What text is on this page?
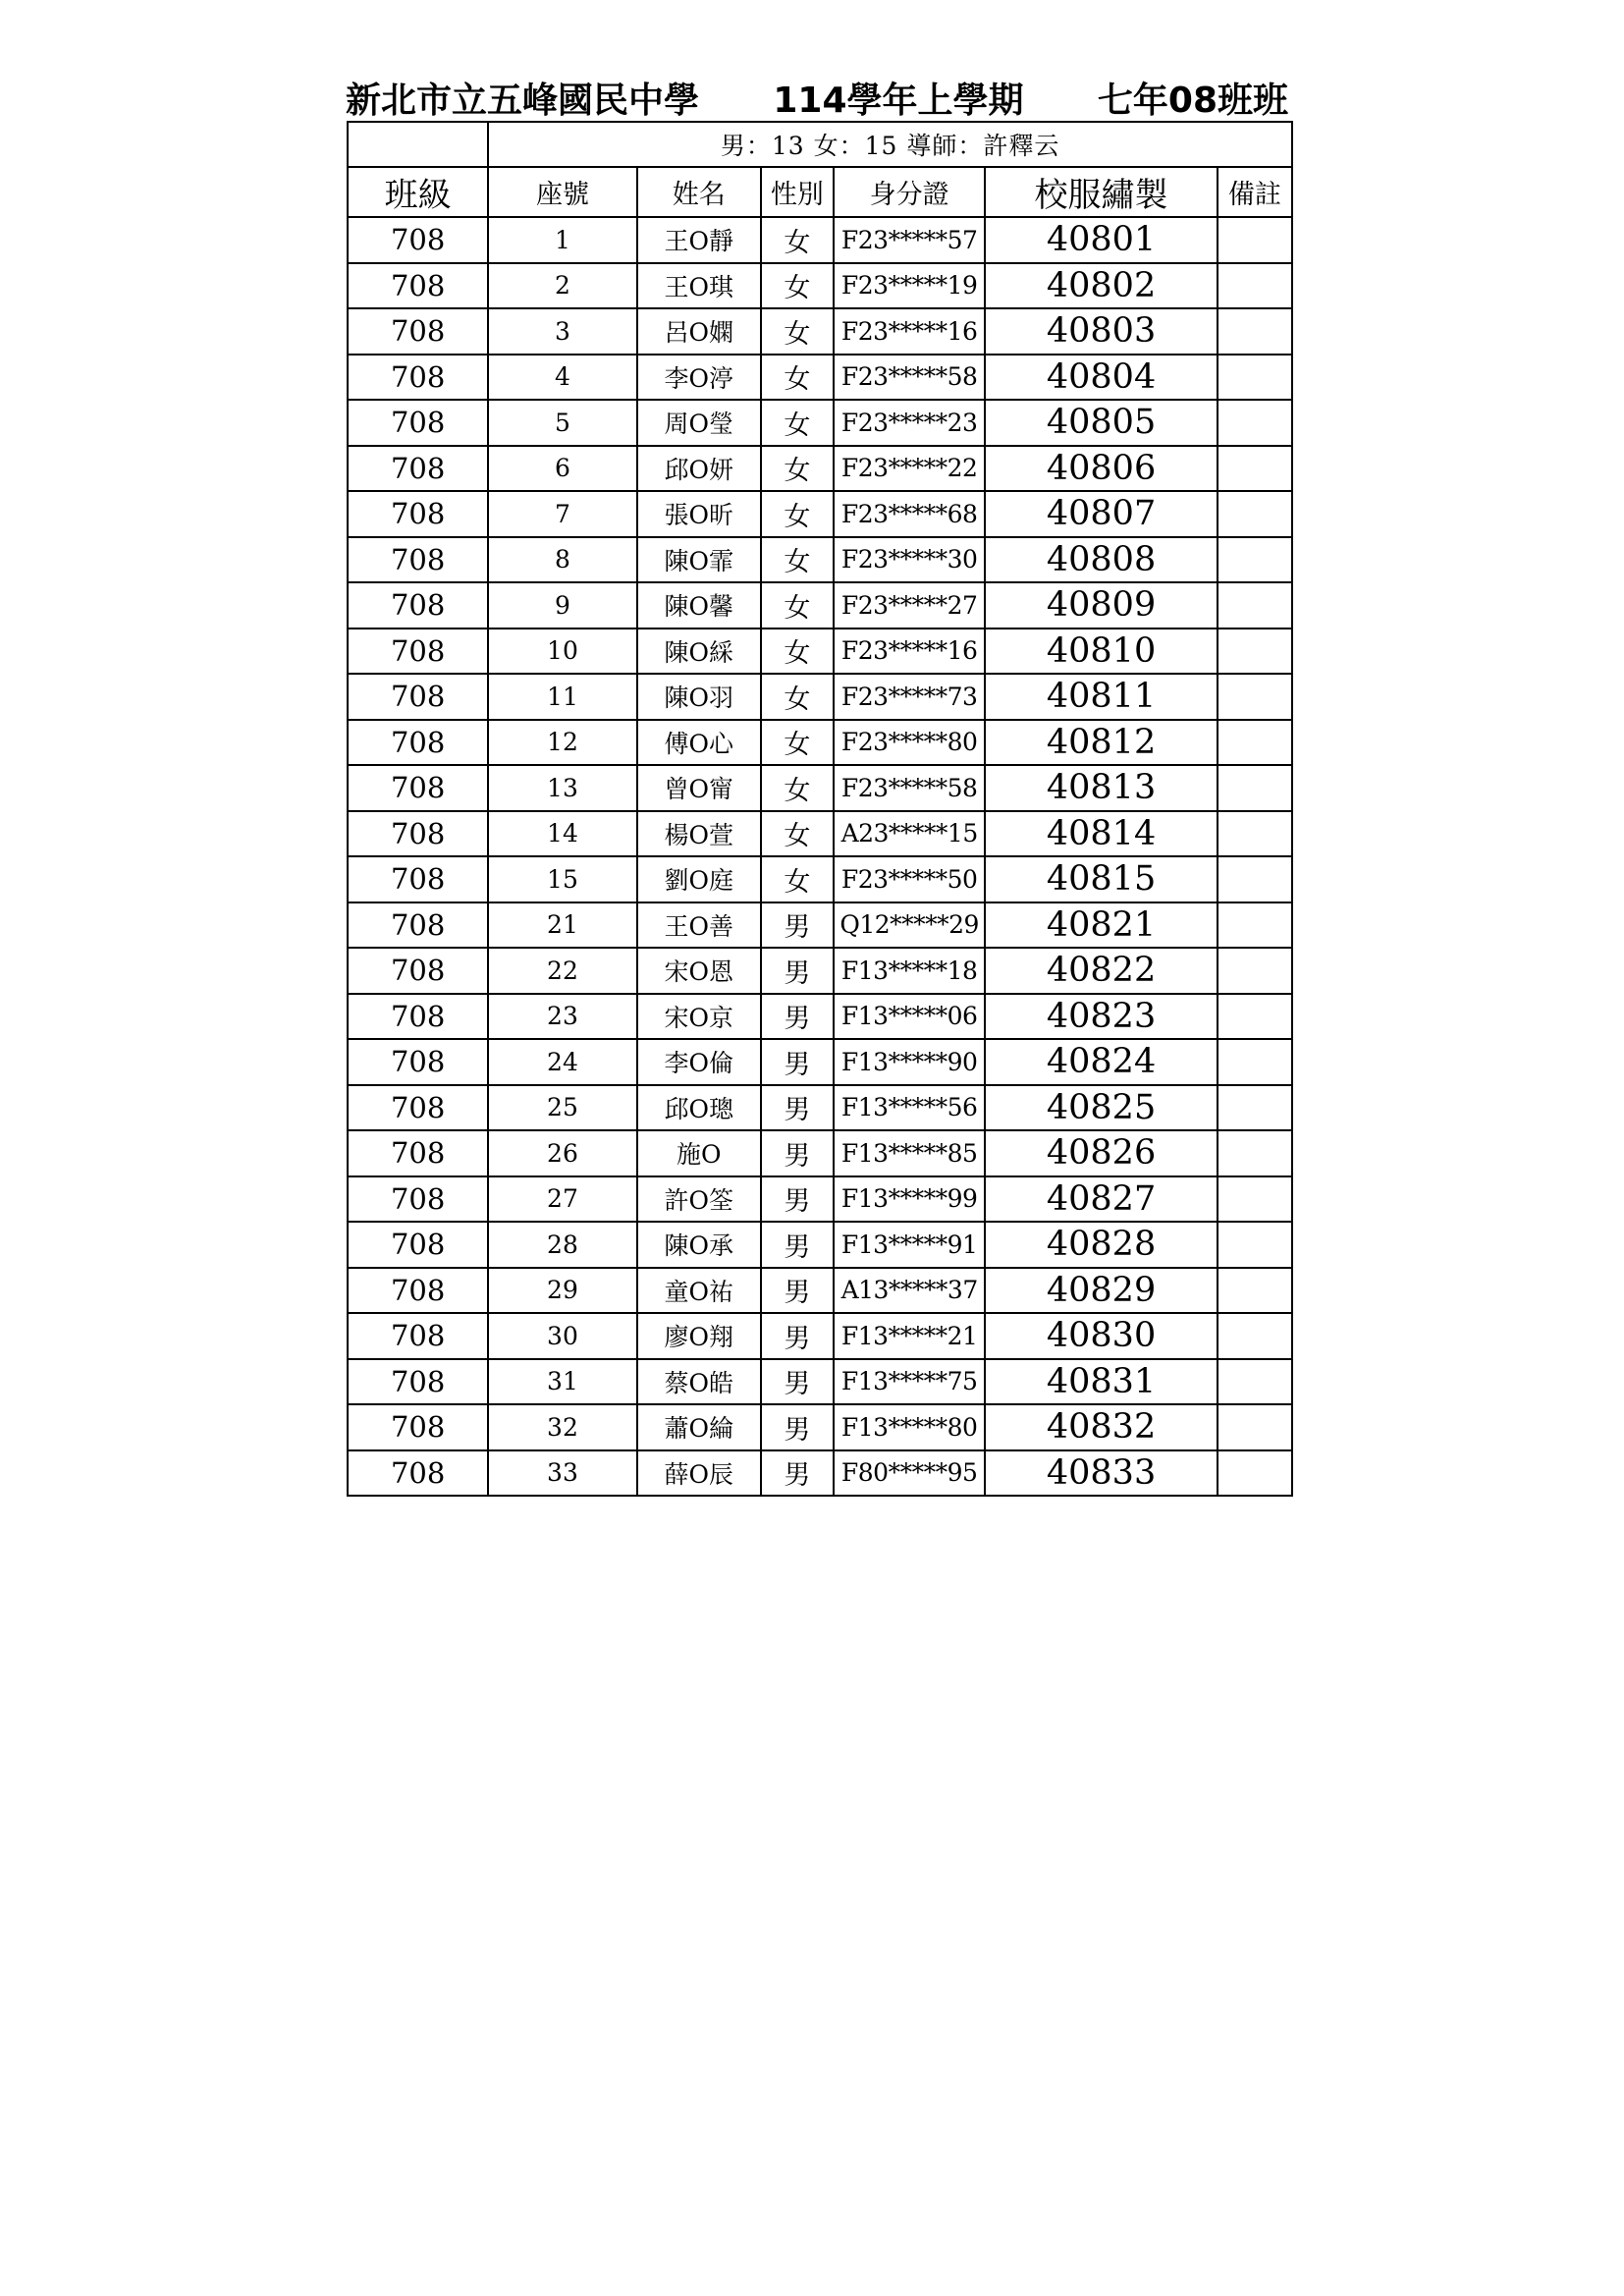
新北市立五峰國民中學 114學年上學期 七年08班班
	男：13 女：15 導師：許釋云					
班級	座號	姓名	性別	身分證	校服繡製	備註
708	1	王O靜	女	F23*****57	40801	
708	2	王O琪	女	F23*****19	40802	
708	3	呂O嫻	女	F23*****16	40803	
708	4	李O渟	女	F23*****58	40804	
708	5	周O瑩	女	F23*****23	40805	
708	6	邱O妍	女	F23*****22	40806	
708	7	張O昕	女	F23*****68	40807	
708	8	陳O霏	女	F23*****30	40808	
708	9	陳O馨	女	F23*****27	40809	
708	10	陳O綵	女	F23*****16	40810	
708	11	陳O羽	女	F23*****73	40811	
708	12	傅O心	女	F23*****80	40812	
708	13	曾O甯	女	F23*****58	40813	
708	14	楊O萱	女	A23*****15	40814	
708	15	劉O庭	女	F23*****50	40815	
708	21	王O善	男	Q12*****29	40821	
708	22	宋O恩	男	F13*****18	40822	
708	23	宋O京	男	F13*****06	40823	
708	24	李O倫	男	F13*****90	40824	
708	25	邱O璁	男	F13*****56	40825	
708	26	施O	男	F13*****85	40826	
708	27	許O筌	男	F13*****99	40827	
708	28	陳O承	男	F13*****91	40828	
708	29	童O祐	男	A13*****37	40829	
708	30	廖O翔	男	F13*****21	40830	
708	31	蔡O皓	男	F13*****75	40831	
708	32	蕭O綸	男	F13*****80	40832	
708	33	薛O辰	男	F80*****95	40833	
